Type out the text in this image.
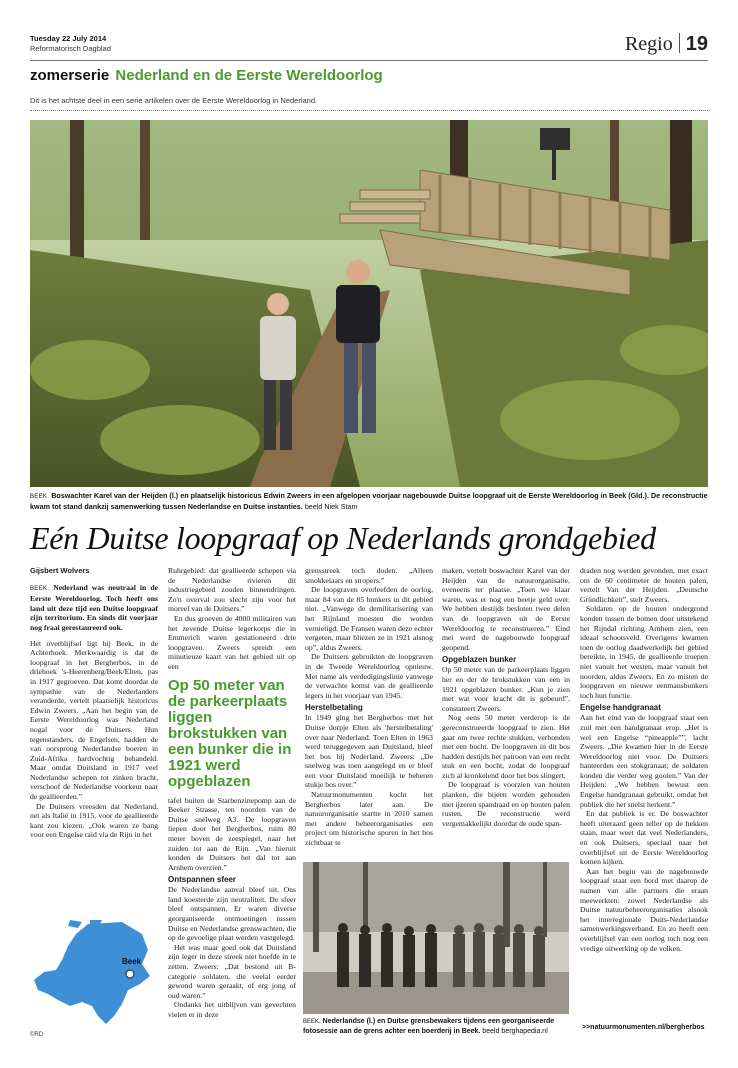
Tuesday 22 July 2014
Reformatorisch Dagblad	Regio 19
zomerserie Nederland en de Eerste Wereldoorlog
Dit is het achtste deel in een serie artikelen over de Eerste Wereldoorlog in Nederland.
BEEK. Boswachter Karel van der Heijden (l.) en plaatselijk historicus Edwin Zweers in een afgelopen voorjaar nagebouwde Duitse loopgraaf uit de Eerste Wereldoorlog in Beek (Gld.). De reconstructie kwam tot stand dankzij samenwerking tussen Nederlandse en Duitse instanties. beeld Niek Stam
Eén Duitse loopgraaf op Nederlands grondgebied
Gijsbert Wolvers

BEEK. Nederland was neutraal in de Eerste Wereldoorlog. Toch heeft ons land uit deze tijd een Duitse loopgraaf zijn territorium. En sinds dit voorjaar nog fraai gerestaureerd ook.

Het overblijfsel ligt bij Beek, in de Achterhoek. Merkwaardig is dat de loopgraaf in het Bergherbos, in de driehoek 's-Heerenberg/Beek/Elten, pas in 1917 gegroeven. Dat komt doordat de sympathie van de Nederlanders veranderde, vertelt plaatselijk historicus Edwin Zweers. „Aan het begin van de Eerste Wereldoorlog was Nederland nogal voor de Duitsers. Hun tegenstanders, de Engelsen, hadden de van oorsprong Nederlandse boeren in Zuid-Afrika hardvochtig behandeld. Maar omdat Duitsland in 1917 veel Nederlandse schepen tot zinken bracht, verschoof de Nederlandse voorkeur naar de geallieerden.”

De Duitsers vreesden dat Nederland, net als Italië in 1915, voor de geallieerde kant zou kiezen. „Ook waren ze bang voor een Engelse raid via de Rijn in het

Beek
©RD

Ruhrgebied: dat geallieerde schepen via de Nederlandse rivieren dit industriegebied zouden binnendringen. Zo'n overval zou slecht zijn voor het moreel van de Duitsers.”

En dus groeven de 4000 militairen van het zevende Duitse legerkorps die in Emmerich waren gestationeerd drie loopgraven. Zweers spreidt een minutieuze kaart van het gebied uit op een

Op 50 meter van de parkeerplaats liggen brokstukken van een bunker die in 1921 werd opgeblazen

tafel buiten de Starbenzinepomp aan de Beeker Strasse, ten noorden van de Duitse snelweg A3. De loopgraven liepen door het Bergherbos, ruim 80 meter boven de zeespiegel, naar het zuiden tot aan de Rijn. „Van hieruit konden de Duitsers het dal tot aan Arnhem overzien.”

Ontspannen sfeer

De Nederlandse aanval bleef uit. Ons land koesterde zijn neutraliteit. De sfeer bleef ontspannen. Er waren diverse georganiseerde ontmoetingen tussen Duitse en Nederlandse grenswachten, die op de gevoelige plaat werden vastgelegd.

Het was maar goed ook dat Duitsland zijn leger in deze streek niet hoefde in te zetten. Zweers: „Dat bestond uit B-categorie soldaten, die veelal eerder gewond waren geraakt, of erg jong of oud waren.”

Ondanks het uitblijven van gevechten vielen er in deze

grensstreek toch doden. „Alleen smokkelaars en stropers.”

De loopgraven overleefden de oorlog, maar 84 van de 85 bunkers in dit gebied niet. „Vanwege de demilitarisering van het Rijnland moesten die worden vernietigd. De Fransen waren deze echter vergeten, maar bliezen ze in 1921 alsnog op”, aldus Zweers.

De Duitsers gebruikten de loopgraven in de Tweede Wereldoorlog opnieuw. Met name als verdedigingslinie vanwege de verwachte komst van de geallieerde legers in het voorjaar van 1945.

Herstelbetaling

In 1949 ging het Bergherbos met het Duitse dorpje Elten als 'herstelbetaling' over naar Nederland. Toen Elten in 1963 werd teruggegeven aan Duitsland, bleef het bos bij Nederland. Zweers: „De snelweg was toen aangelegd en er bleef een voor Duitsland moeilijk te beheren stukje bos over.”

Natuurmonumenten kocht het Bergherbos later aan. De natuurorganisatie startte in 2010 samen met andere beheerorganisaties een project om historische sporen in het bos zichtbaar te

maken, vertelt boswachter Karel van der Heijden van de natuurorganisatie, eveneens ter plaatse. „Toen we klaar waren, was er nog een beetje geld over. We hebben destijds besloten twee delen van de loopgraven uit de Eerste Wereldoorlog te reconstrueren.” Eind mei werd de nagebouwde loopgraaf geopend.

Opgeblazen bunker

Op 50 meter van de parkeerplaats liggen her en der de brokstukken van een in 1921 opgeblazen bunker. „Kun je zien met wat voor kracht dit is gebeurd”, constateert Zweers.

Nog eens 50 meter verderop is de gereconstrueerde loopgraaf te zien. Het gaat om twee rechte stukken, verbonden met een bocht. De loopgraven in dit bos hadden destijds het patroon van een recht stuk en een bocht, zodat de loopgraaf zich al kronkelend door het bos slingert.

De loopgraaf is voorzien van houten planken, die bijeen worden gehouden met ijzeren spandraad en op houten palen rusten. De reconstructie werd vergemakkelijkt doordat de oude span-

draden nog werden gevonden, met exact om de 60 centimeter de houten palen, vertelt Van der Heijden. „Deutsche Gründlichkeit”, stelt Zweers.

Soldaten op de houten ondergrond konden tussen de bomen door uitstekend het Rijndal richting Arnhem zien, een ideaal schootsveld. Overigens kwamen toen de oorlog daadwerkelijk het gebied bereikte, in 1945, de geallieerde troepen niet vanuit het westen, maar vanuit het noorden, aldus Zweers. En zo misten de loopgraven en nieuwe eenmansbunkers toch hun functie.

Engelse handgranaat

Aan het eind van de loopgraaf staat een zuil met een handgranaat erop. „Het is wel een Engelse “pineapple””, lacht Zweers. „Die kwamen hier in de Eerste Wereldoorlog niet voor. De Duitsers hanteerden een stokgranaat; de soldaten konden die verder weg gooien.” Van der Heijden: „We hebben bewust een Engelse handgranaat gebruikt, omdat het publiek die het snelst herkent.”

En dat publiek is er. De boswachter heeft uiteraard geen teller op de hekken staan, maar weet dat veel Nederlanders, en ook Duitsers, speciaal naar het overblijfsel uit de Eerste Wereldoorlog komen kijken.

Aan het begin van de nagebouwde loopgraaf staat een bord met daarop de namen van alle partners die eraan meewerkten: zowel Nederlandse als Duitse natuurbeheerorganisaties alsook het interregionale Duits-Nederlandse samenwerkingsverband. En zo heeft een overblijfsel van een oorlog toch nog een vredige uitwerking op de volken.

BEEK. Nederlandse (l.) en Duitse grensbewakers tijdens een georganiseerde fotosessie aan de grens achter een boerderij in Beek. beeld berghapedia.nl
>>natuurmonumenten.nl/bergherbos
